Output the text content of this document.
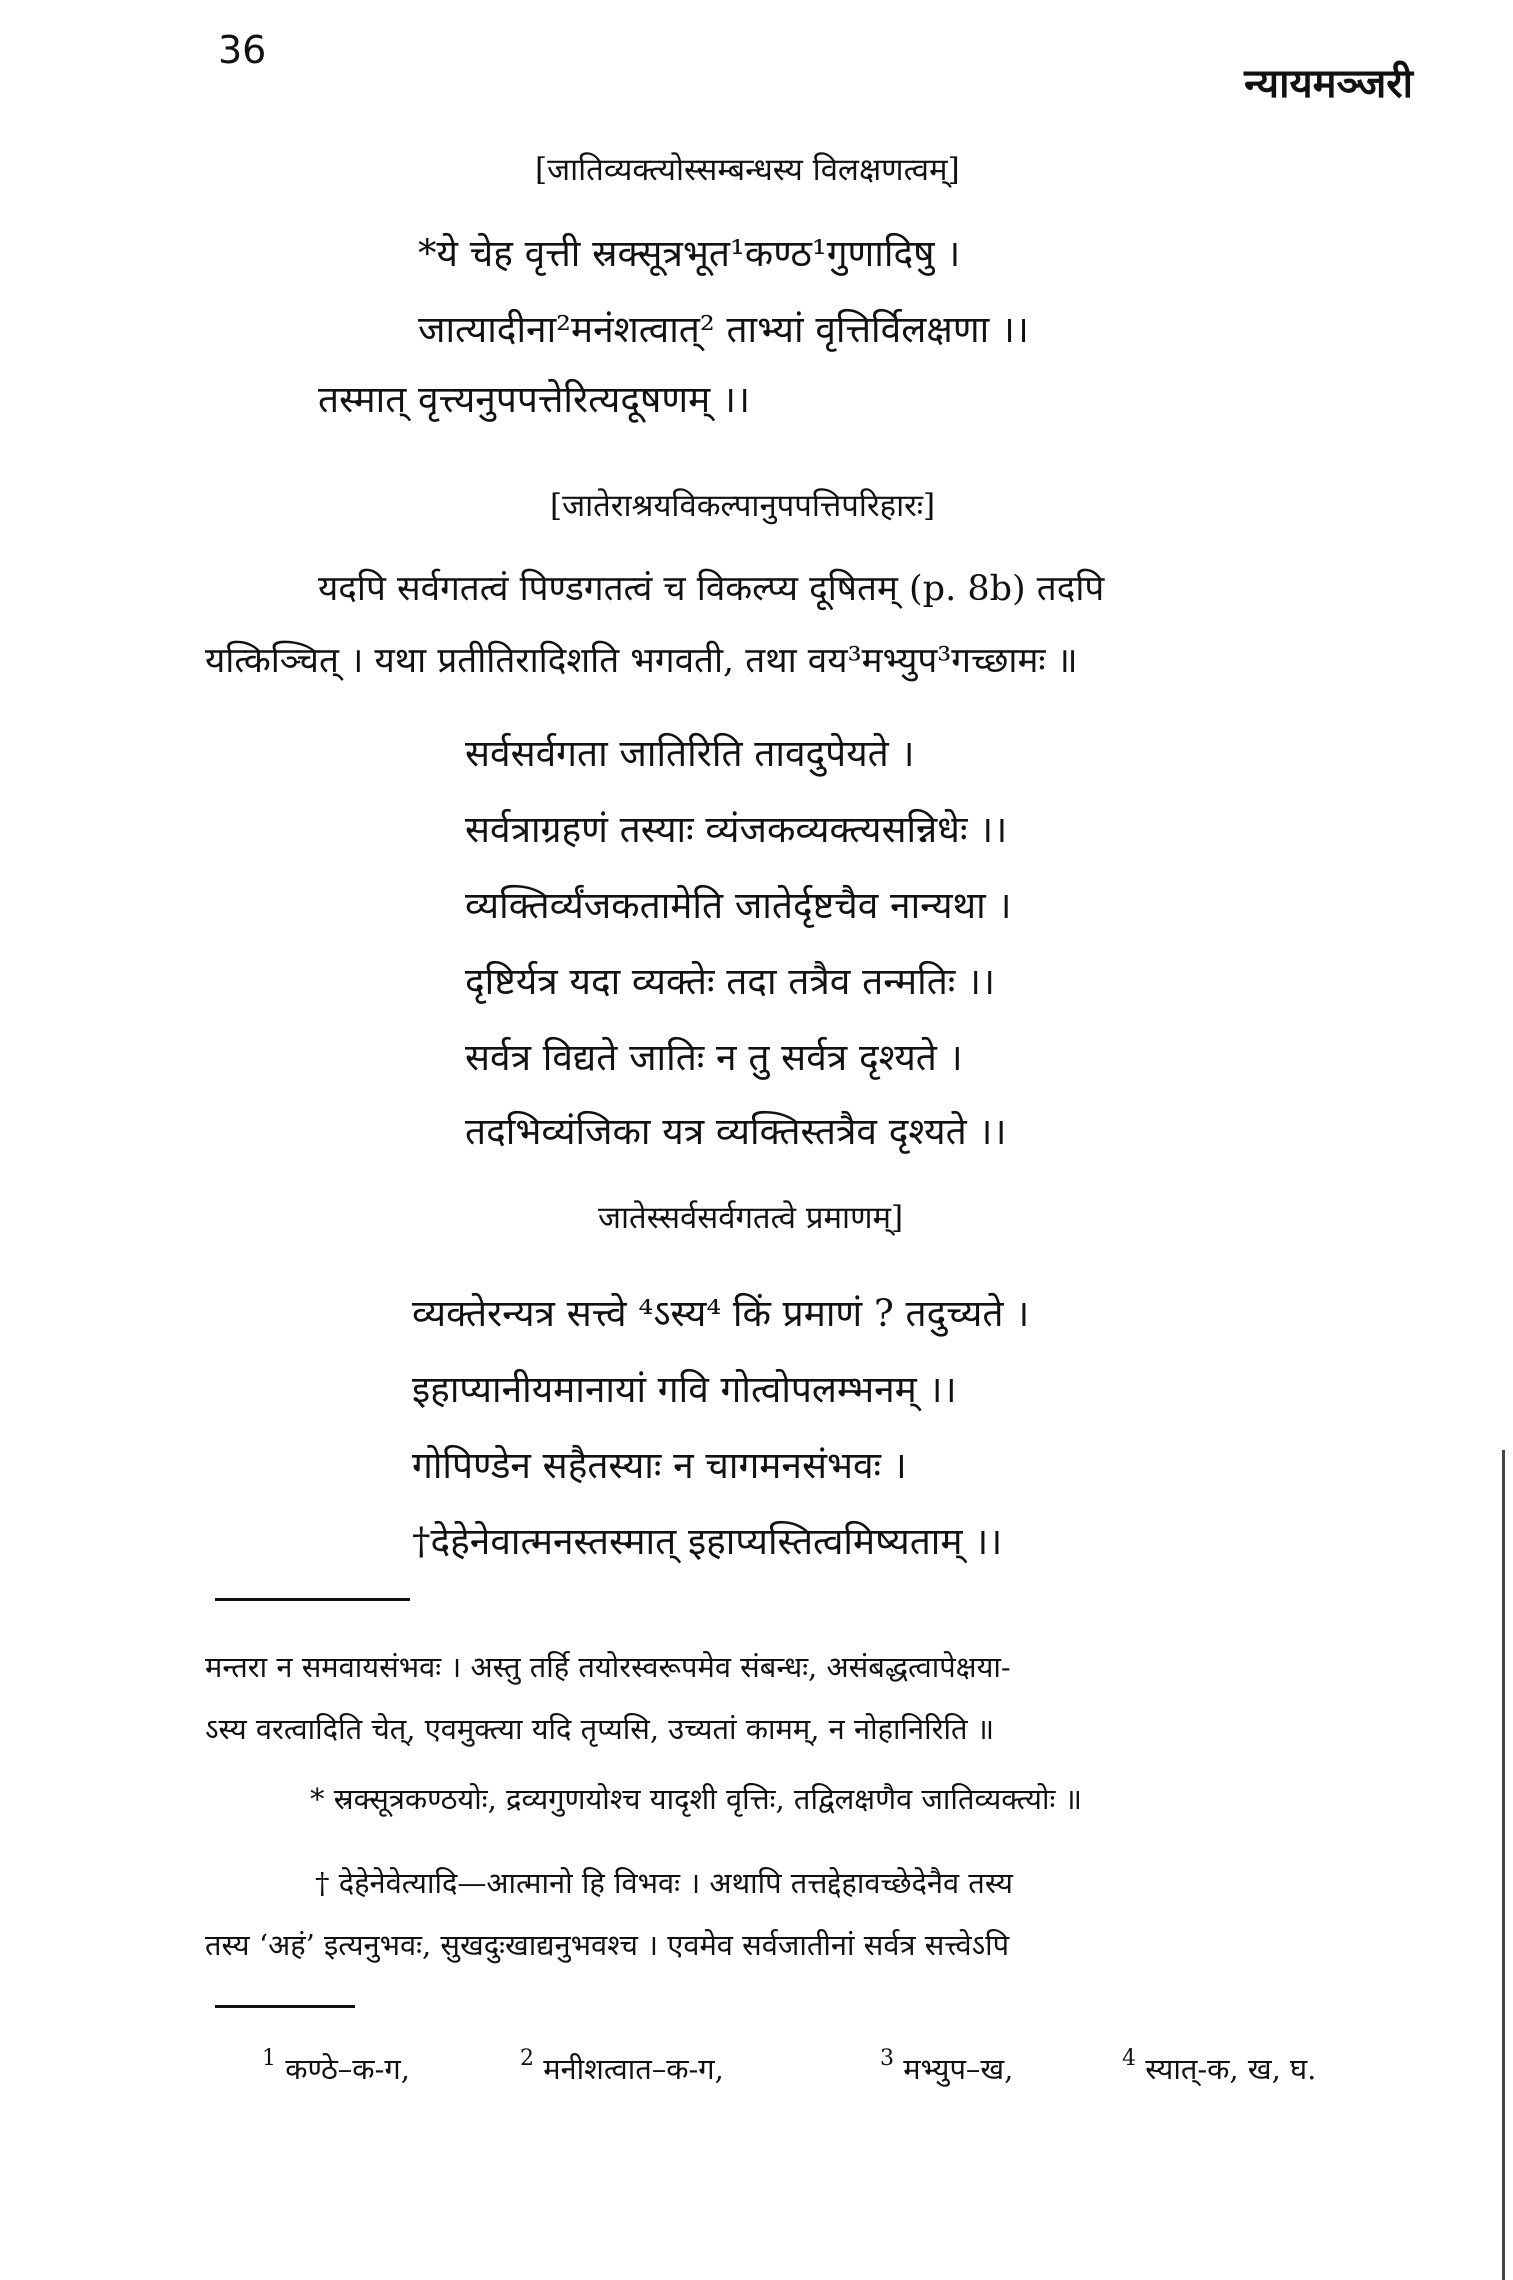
36
न्यायमञ्जरी
[जातिव्यक्त्योस्सम्बन्धस्य विलक्षणत्वम्]
*ये चेह वृत्ती स्रक्सूत्रभूत¹कण्ठ¹गुणादिषु ।
जात्यादीना²मनंशत्वात्² ताभ्यां वृत्तिर्विलक्षणा ।।
तस्मात् वृत्त्यनुपपत्तेरित्यदूषणम् ।।
[जातेराश्रयविकल्पानुपपत्तिपरिहारः]
यदपि सर्वगतत्वं पिण्डगतत्वं च विकल्प्य दूषितम् (p. 8b) तदपि
यत्किञ्चित् । यथा प्रतीतिरादिशति भगवती, तथा वय³मभ्युप³गच्छामः ॥
सर्वसर्वगता जातिरिति तावदुपेयते ।
सर्वत्राग्रहणं तस्याः व्यंजकव्यक्त्यसन्निधेः ।।
व्यक्तिर्व्यंजकतामेति जातेर्दृष्टचैव नान्यथा ।
दृष्टिर्यत्र यदा व्यक्तेः तदा तत्रैव तन्मतिः ।।
सर्वत्र विद्यते जातिः न तु सर्वत्र दृश्यते ।
तदभिव्यंजिका यत्र व्यक्तिस्तत्रैव दृश्यते ।।
जातेस्सर्वसर्वगतत्वे प्रमाणम्]
व्यक्तेरन्यत्र सत्त्वे ⁴ऽस्य⁴ किं प्रमाणं ? तदुच्यते ।
इहाप्यानीयमानायां गवि गोत्वोपलम्भनम् ।।
गोपिण्डेन सहैतस्याः न चागमनसंभवः ।
†देहेनेवात्मनस्तस्मात् इहाप्यस्तित्वमिष्यताम् ।।
मन्तरा न समवायसंभवः । अस्तु तर्हि तयोरस्वरूपमेव संबन्धः, असंबद्धत्वापेक्षया-
ऽस्य वरत्वादिति चेत्, एवमुक्त्या यदि तृप्यसि, उच्यतां कामम्, न नोहानिरिति ॥
* स्रक्सूत्रकण्ठयोः, द्रव्यगुणयोश्च यादृशी वृत्तिः, तद्विलक्षणैव जातिव्यक्त्योः ॥
† देहेनेवेत्यादि—आत्मानो हि विभवः । अथापि तत्तद्देहावच्छेदेनैव तस्य
तस्य ‘अहं’ इत्यनुभवः, सुखदुःखाद्यनुभवश्च । एवमेव सर्वजातीनां सर्वत्र सत्त्वेऽपि
$^1$ कण्ठे–क-ग,	$^2$ मनीशत्वात–क-ग,	$^3$ मभ्युप–ख,	$^4$ स्यात्-क, ख, घ.
